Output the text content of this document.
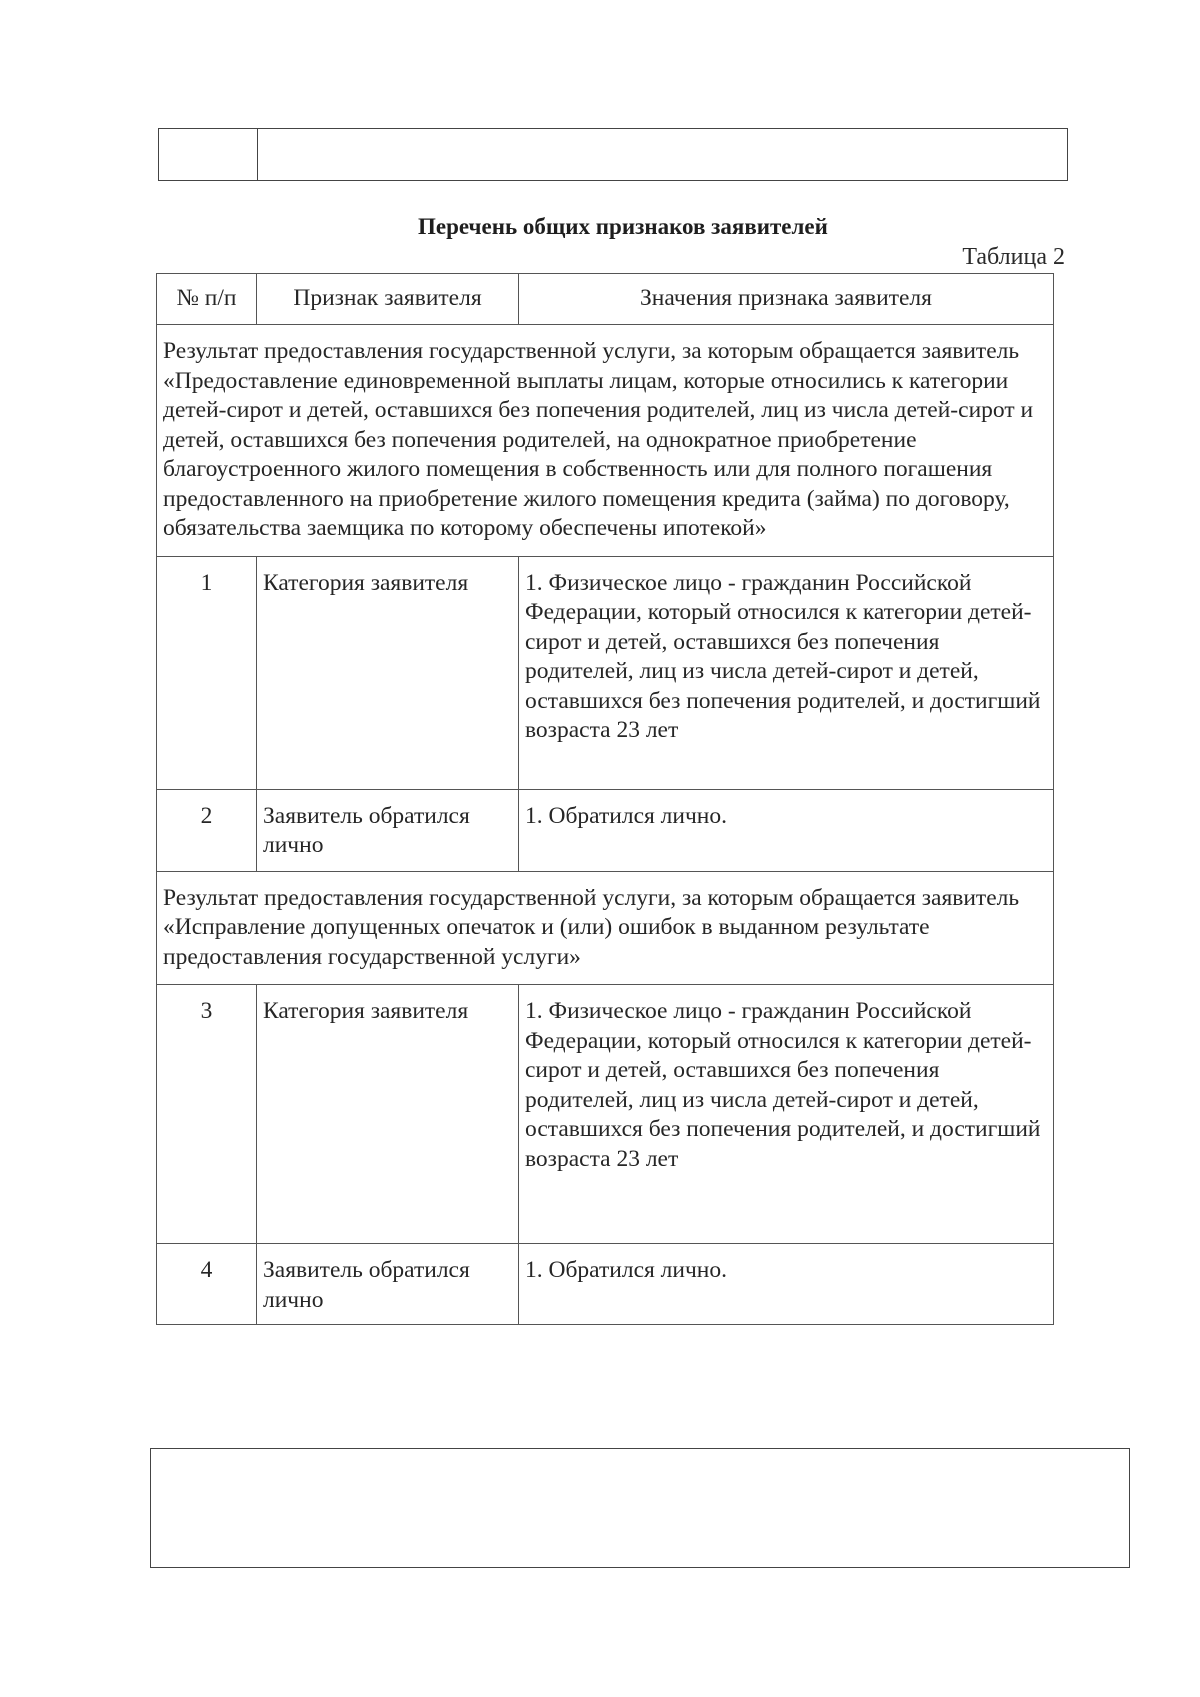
Перечень общих признаков заявителей
Таблица 2
№ п/п	Признак заявителя	Значения признака заявителя
Результат предоставления государственной услуги, за которым обращается заявитель «Предоставление единовременной выплаты лицам, которые относились к категории детей-сирот и детей, оставшихся без попечения родителей, лиц из числа детей-сирот и детей, оставшихся без попечения родителей, на однократное приобретение благоустроенного жилого помещения в собственность или для полного погашения предоставленного на приобретение жилого помещения кредита (займа) по договору, обязательства заемщика по которому обеспечены ипотекой»		
1	Категория заявителя	1. Физическое лицо - гражданин Российской Федерации, который относился к категории детей-сирот и детей, оставшихся без попечения родителей, лиц из числа детей-сирот и детей, оставшихся без попечения родителей, и достигший возраста 23 лет
2	Заявитель обратился лично	1. Обратился лично.
Результат предоставления государственной услуги, за которым обращается заявитель «Исправление допущенных опечаток и (или) ошибок в выданном результате предоставления государственной услуги»		
3	Категория заявителя	1. Физическое лицо - гражданин Российской Федерации, который относился к категории детей-сирот и детей, оставшихся без попечения родителей, лиц из числа детей-сирот и детей, оставшихся без попечения родителей, и достигший возраста 23 лет
4	Заявитель обратился лично	1. Обратился лично.
